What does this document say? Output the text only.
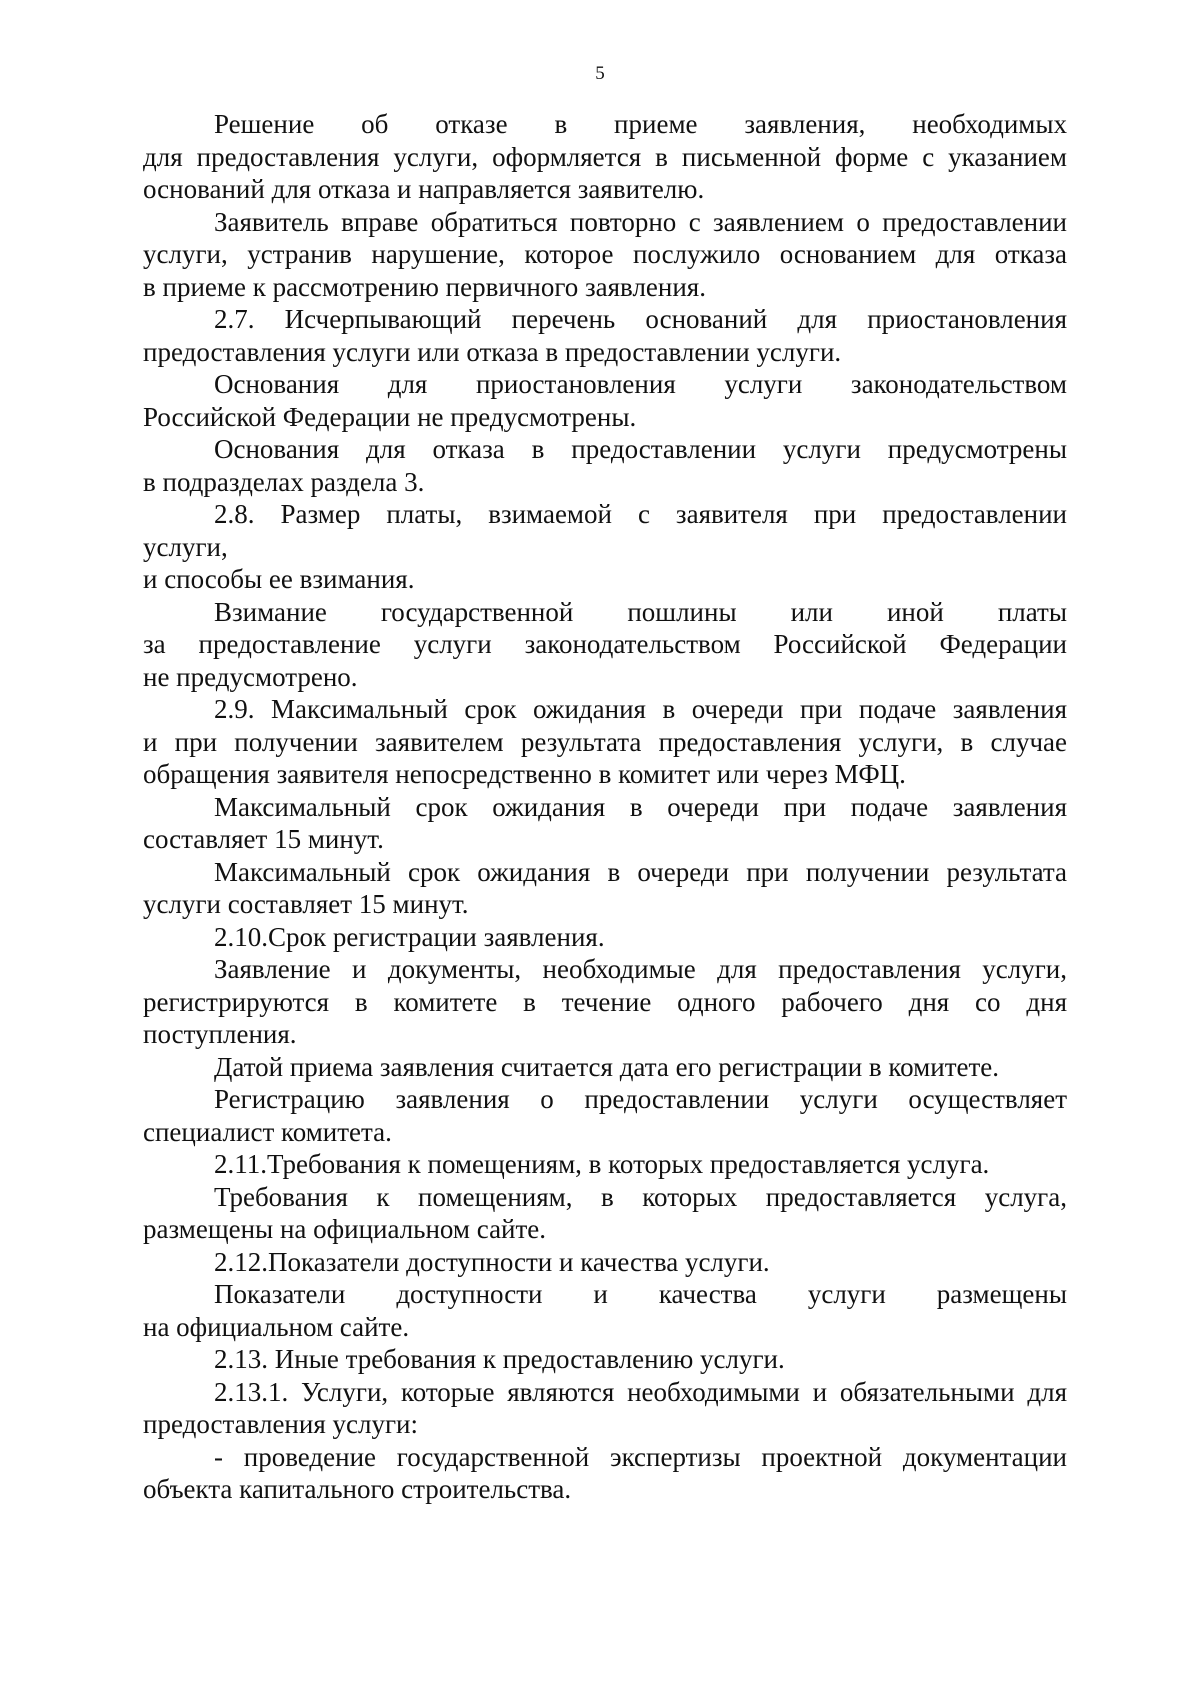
5
Решение об отказе в приеме заявления, необходимых
для предоставления услуги, оформляется в письменной форме с указанием
оснований для отказа и направляется заявителю.
Заявитель вправе обратиться повторно с заявлением о предоставлении
услуги, устранив нарушение, которое послужило основанием для отказа
в приеме к рассмотрению первичного заявления.
2.7. Исчерпывающий перечень оснований для приостановления
предоставления услуги или отказа в предоставлении услуги.
Основания для приостановления услуги законодательством
Российской Федерации не предусмотрены.
Основания для отказа в предоставлении услуги предусмотрены
в подразделах раздела 3.
2.8. Размер платы, взимаемой с заявителя при предоставлении
услуги,
и способы ее взимания.
Взимание государственной пошлины или иной платы
за предоставление услуги законодательством Российской Федерации
не предусмотрено.
2.9. Максимальный срок ожидания в очереди при подаче заявления
и при получении заявителем результата предоставления услуги, в случае
обращения заявителя непосредственно в комитет или через МФЦ.
Максимальный срок ожидания в очереди при подаче заявления
составляет 15 минут.
Максимальный срок ожидания в очереди при получении результата
услуги составляет 15 минут.
2.10.Срок регистрации заявления.
Заявление и документы, необходимые для предоставления услуги,
регистрируются в комитете в течение одного рабочего дня со дня
поступления.
Датой приема заявления считается дата его регистрации в комитете.
Регистрацию заявления о предоставлении услуги осуществляет
специалист комитета.
2.11.Требования к помещениям, в которых предоставляется услуга.
Требования к помещениям, в которых предоставляется услуга,
размещены на официальном сайте.
2.12.Показатели доступности и качества услуги.
Показатели доступности и качества услуги размещены
на официальном сайте.
2.13. Иные требования к предоставлению услуги.
2.13.1. Услуги, которые являются необходимыми и обязательными для
предоставления услуги:
- проведение государственной экспертизы проектной документации
объекта капитального строительства.
